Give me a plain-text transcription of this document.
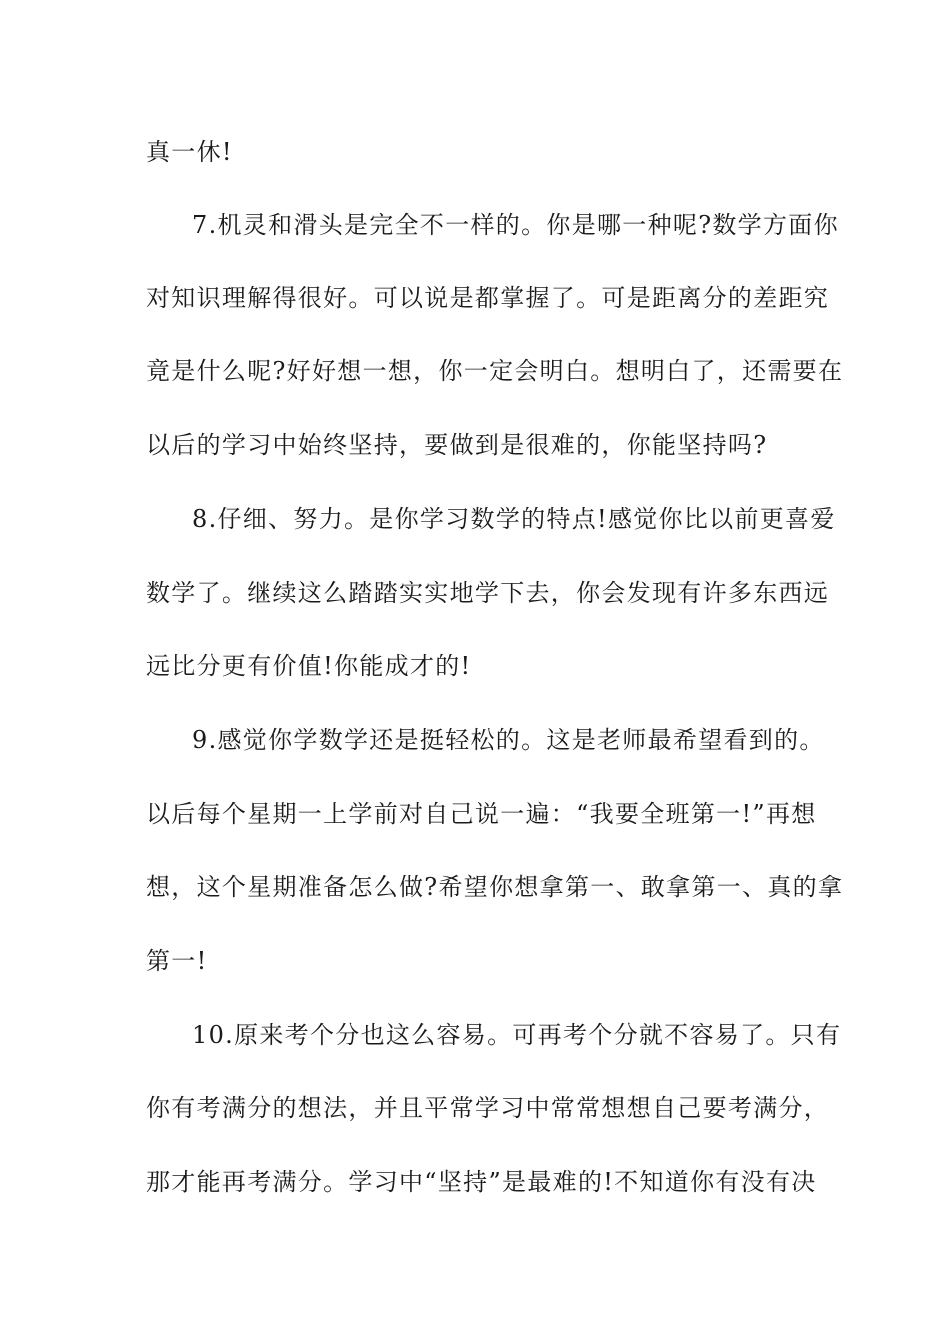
真一休!
7.机灵和滑头是完全不一样的。你是哪一种呢?数学方面你
对知识理解得很好。可以说是都掌握了。可是距离分的差距究
竟是什么呢?好好想一想，你一定会明白。想明白了，还需要在
以后的学习中始终坚持，要做到是很难的，你能坚持吗?
8.仔细、努力。是你学习数学的特点!感觉你比以前更喜爱
数学了。继续这么踏踏实实地学下去，你会发现有许多东西远
远比分更有价值!你能成才的!
9.感觉你学数学还是挺轻松的。这是老师最希望看到的。
以后每个星期一上学前对自己说一遍：“我要全班第一!”再想
想，这个星期准备怎么做?希望你想拿第一、敢拿第一、真的拿
第一!
10.原来考个分也这么容易。可再考个分就不容易了。只有
你有考满分的想法，并且平常学习中常常想想自己要考满分，
那才能再考满分。学习中“坚持”是最难的!不知道你有没有决
